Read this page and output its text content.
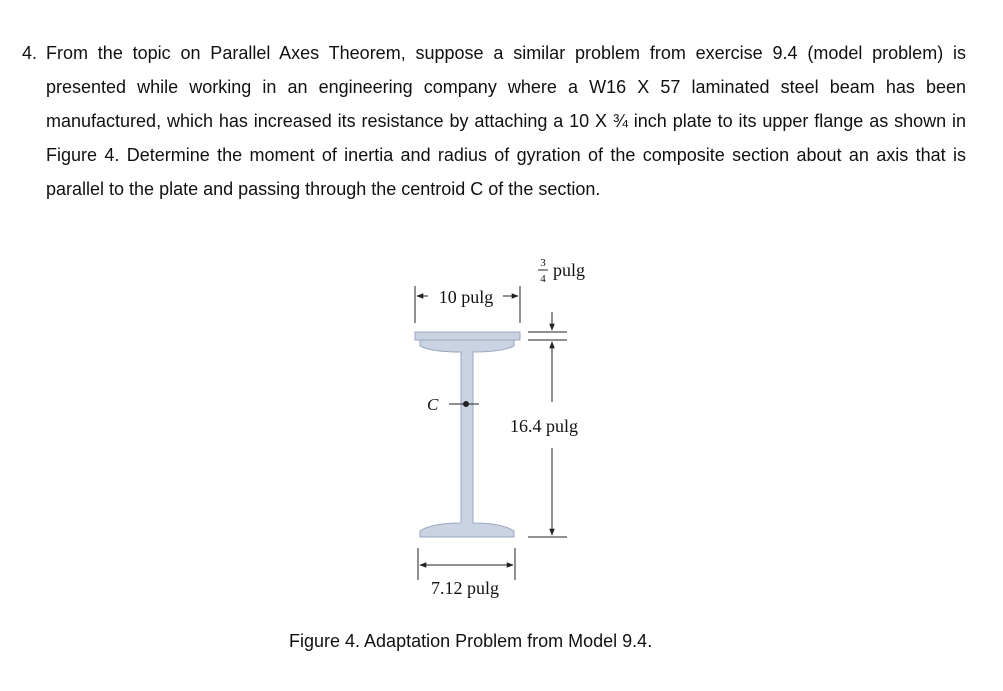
4. From the topic on Parallel Axes Theorem, suppose a similar problem from exercise 9.4 (model problem) is presented while working in an engineering company where a W16 X 57 laminated steel beam has been manufactured, which has increased its resistance by attaching a 10 X ¾ inch plate to its upper flange as shown in Figure 4. Determine the moment of inertia and radius of gyration of the composite section about an axis that is parallel to the plate and passing through the centroid C of the section.
10 pulg
3
4 pulg
16.4 pulg
C
7.12 pulg
Figure 4. Adaptation Problem from Model 9.4.
